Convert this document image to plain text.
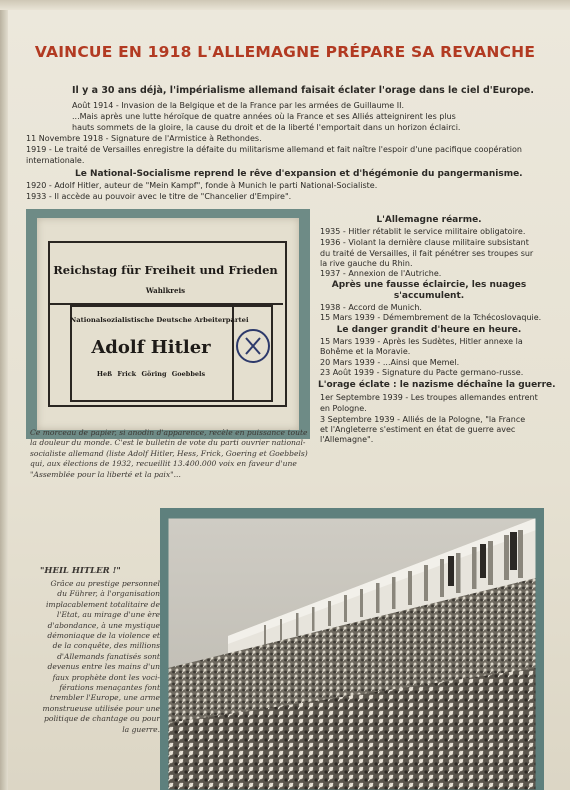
VAINCUE EN 1918 L'ALLEMAGNE PRÉPARE SA REVANCHE
Il y a 30 ans déjà, l'impérialisme allemand faisait éclater l'orage dans le ciel d'Europe.
Août 1914 - Invasion de la Belgique et de la France par les armées de Guillaume II.
...Mais après une lutte héroïque de quatre années où la France et ses Alliés atteignirent les plus
hauts sommets de la gloire, la cause du droit et de la liberté l'emportait dans un horizon éclairci.
11 Novembre 1918 - Signature de l'Armistice à Rethondes.
1919 - Le traité de Versailles enregistre la défaite du militarisme allemand et fait naître l'espoir d'une pacifique coopération
internationale.
Le National-Socialisme reprend le rêve d'expansion et d'hégémonie du pangermanisme.
1920 - Adolf Hitler, auteur de "Mein Kampf", fonde à Munich le parti National-Socialiste.
1933 - Il accède au pouvoir avec le titre de "Chancelier d'Empire".
Reichstag für Freiheit und Frieden
Wahlkreis
Nationalsozialistische Deutsche Arbeiterpartei
Adolf Hitler
Heß Frick Göring Goebbels
Ce morceau de papier, si anodin d'apparence, recèle en puissance toute la douleur du monde. C'est le bulletin de vote du parti ouvrier national-socialiste allemand (liste Adolf Hitler, Hess, Frick, Goering et Goebbels) qui, aux élections de 1932, recueillit 13.400.000 voix en faveur d'une "Assemblée pour la liberté et la paix"...
L'Allemagne réarme.
1935 - Hitler rétablit le service militaire obligatoire.
1936 - Violant la dernière clause militaire subsistant
du traité de Versailles, il fait pénétrer ses troupes sur
la rive gauche du Rhin.
1937 - Annexion de l'Autriche.
Après une fausse éclaircie, les nuages
s'accumulent.
1938 - Accord de Munich.
15 Mars 1939 - Démembrement de la Tchécoslovaquie.
Le danger grandit d'heure en heure.
15 Mars 1939 - Après les Sudètes, Hitler annexe la
Bohême et la Moravie.
20 Mars 1939 - ...Ainsi que Memel.
23 Août 1939 - Signature du Pacte germano-russe.
L'orage éclate : le nazisme déchaîne la guerre.
1er Septembre 1939 - Les troupes allemandes entrent
en Pologne.
3 Septembre 1939 - Alliés de la Pologne, "la France
et l'Angleterre s'estiment en état de guerre avec
l'Allemagne".
"HEIL HITLER !"
Grâce au prestige personnel
du Führer, à l'organisation
implacablement totalitaire de
l'Etat, au mirage d'une ère
d'abondance, à une mystique
démoniaque de la violence et
de la conquête, des millions
d'Allemands fanatisés sont
devenus entre les mains d'un
faux prophète dont les voci-
férations menaçantes font
trembler l'Europe, une arme
monstrueuse utilisée pour une
politique de chantage ou pour
la guerre.
